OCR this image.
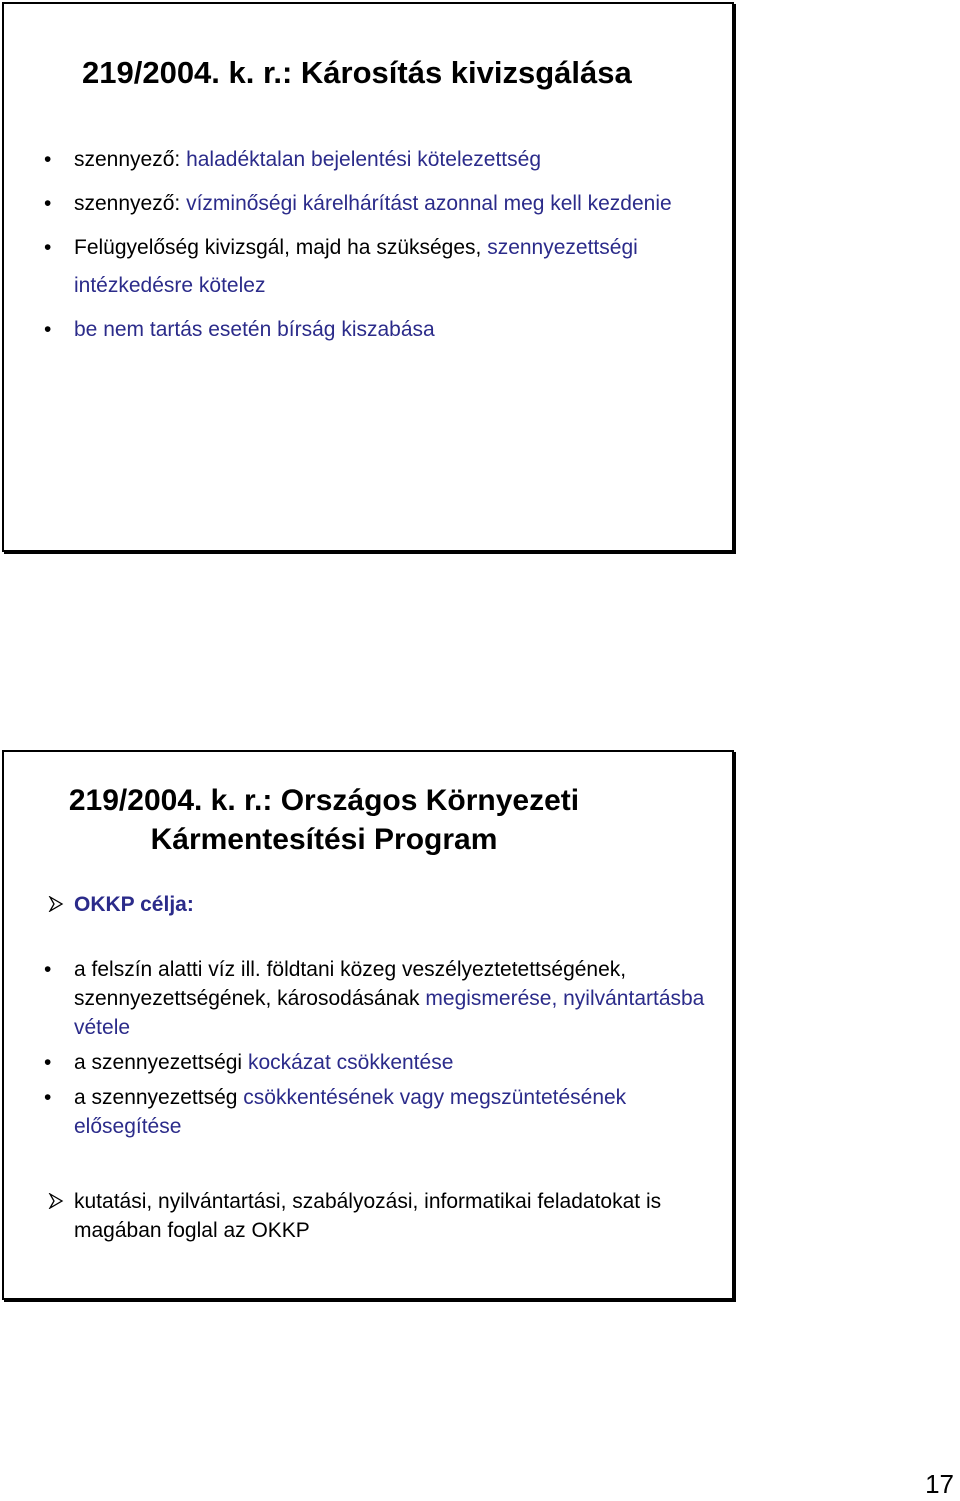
219/2004. k. r.: Károsítás kivizsgálása
• szennyező: haladéktalan bejelentési kötelezettség
• szennyező: vízminőségi kárelhárítást azonnal meg kell kezdenie
• Felügyelőség kivizsgál, majd ha szükséges, szennyezettségi intézkedésre kötelez
• be nem tartás esetén bírság kiszabása
219/2004. k. r.: Országos Környezeti
Kármentesítési Program
OKKP célja:
• a felszín alatti víz ill. földtani közeg veszélyeztetettségének, szennyezettségének, károsodásának megismerése, nyilvántartásba vétele
• a szennyezettségi kockázat csökkentése
• a szennyezettség csökkentésének vagy megszüntetésének elősegítése
kutatási, nyilvántartási, szabályozási, informatikai feladatokat is magában foglal az OKKP
17
